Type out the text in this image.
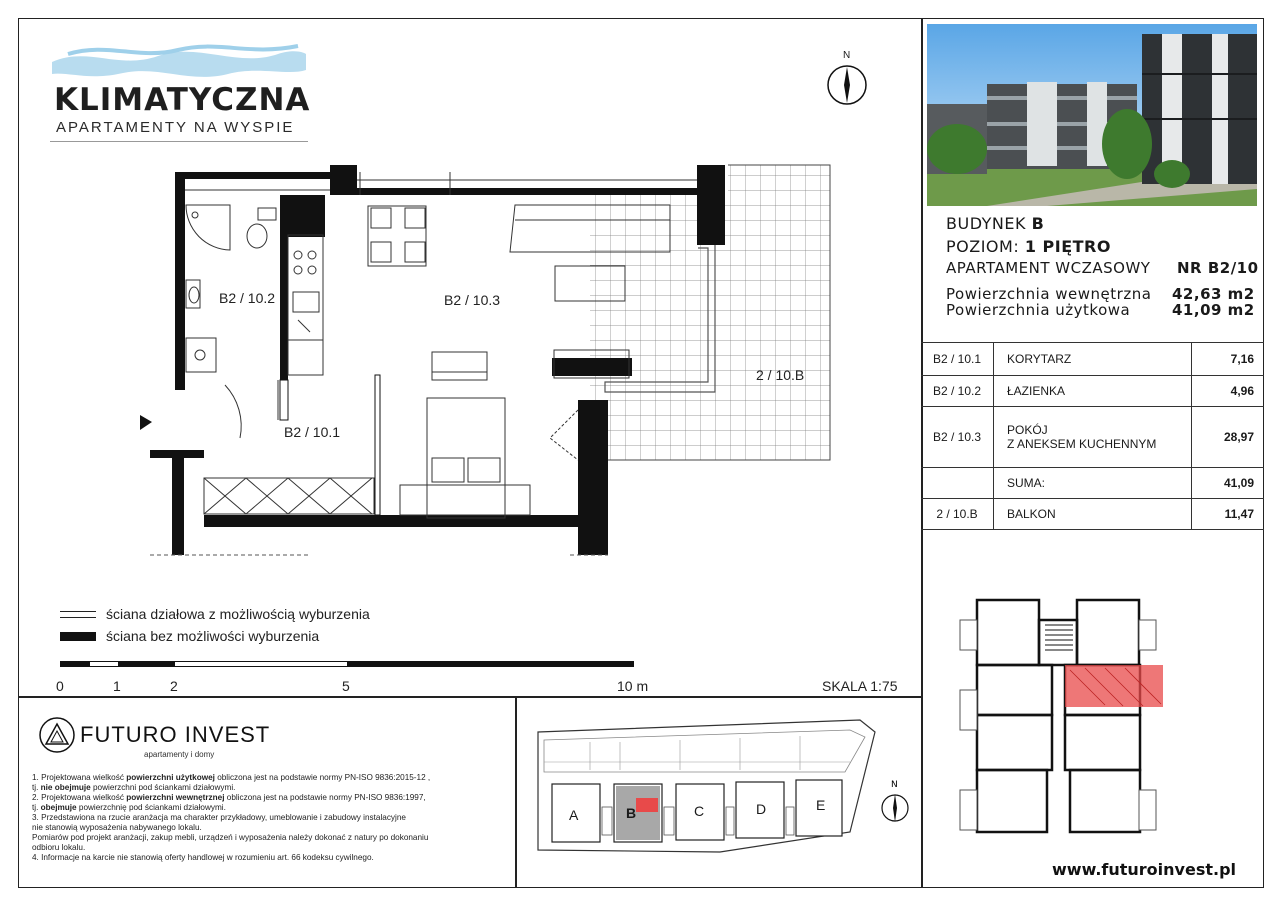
KLIMATYCZNA
APARTAMENTY NA WYSPIE
N
B2 / 10.2	B2 / 10.3
B2 / 10.1
2 / 10.B
ściana działowa z możliwością wyburzenia
ściana bez możliwości wyburzenia
0	1	2	5	10 m	SKALA 1:75
FUTURO INVEST
apartamenty i domy
1. Projektowana wielkość powierzchni użytkowej obliczona jest na podstawie normy PN-ISO 9836:2015-12 ,
tj. nie obejmuje powierzchni pod ściankami działowymi.
2. Projektowana wielkość powierzchni wewnętrznej obliczona jest na podstawie normy PN-ISO 9836:1997,
tj. obejmuje powierzchnię pod ściankami działowymi.
3. Przedstawiona na rzucie aranżacja ma charakter przykładowy, umeblowanie i zabudowy instalacyjne
nie stanowią wyposażenia nabywanego lokalu.
Pomiarów pod projekt aranżacji, zakup mebli, urządzeń i wyposażenia należy dokonać z natury po dokonaniu
odbioru lokalu.
4. Informacje na karcie nie stanowią oferty handlowej w rozumieniu art. 66 kodeksu cywilnego.
A	B	C	D	E
N
BUDYNEK B
POZIOM: 1 PIĘTRO
APARTAMENT WCZASOWY NR B2/10
Powierzchnia wewnętrzna 42,63 m2
Powierzchnia użytkowa	41,09 m2
B2 / 10.1	KORYTARZ	7,16
B2 / 10.2	ŁAZIENKA	4,96
B2 / 10.3	POKÓJ
Z ANEKSEM KUCHENNYM	28,97
	SUMA:	41,09
2 / 10.B	BALKON	11,47
www.futuroinvest.pl
